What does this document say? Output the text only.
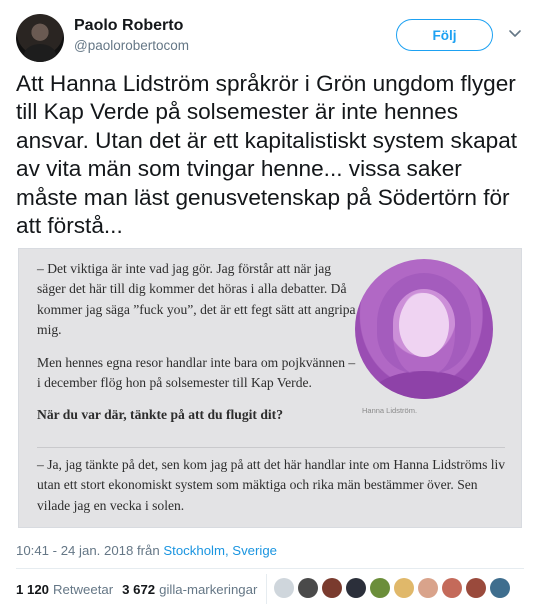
Paolo Roberto
@paolorobertocom
Följ
Att Hanna Lidström språkrör i Grön ungdom flyger till Kap Verde på solsemester är inte hennes ansvar. Utan det är ett kapitalistiskt system skapat av vita män som tvingar henne... vissa saker måste man läst genusvetenskap på Södertörn för att förstå...

– Det viktiga är inte vad jag gör. Jag förstår att när jag säger det här till dig kommer det höras i alla debatter. Då kommer jag säga ”fuck you”, det är ett fegt sätt att angripa mig.

Men hennes egna resor handlar inte bara om pojkvännen – i december flög hon på solsemester till Kap Verde.

När du var där, tänkte på att du flugit dit?	Hanna Lidström.
– Ja, jag tänkte på det, sen kom jag på att det här handlar inte om Hanna Lidströms liv utan ett stort ekonomiskt system som mäktiga och rika män bestämmer över. Sen vilade jag en vecka i solen.
10:41 - 24 jan. 2018 från Stockholm, Sverige
1 120 Retweetar 3 672 gilla-markeringar
